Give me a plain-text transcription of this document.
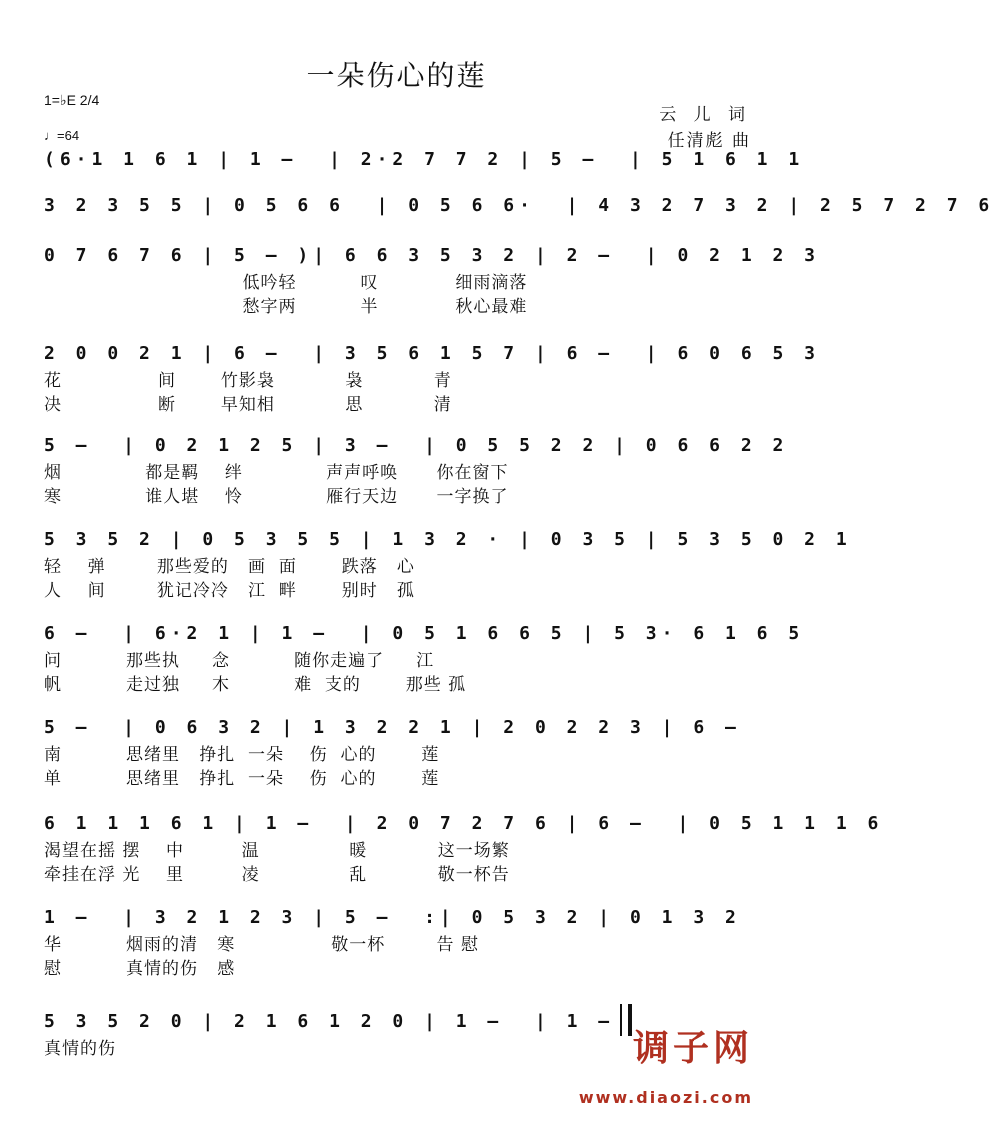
一朵伤心的莲
1=♭E 2/4
♩=64
云 儿 词
任清彪 曲
(6·1 1 6 1 | 1 –  | 2·2 7 7 2 | 5 –  | 5 1 6 1 1
3 2 3 5 5 | 0 5 6 6  | 0 5 6 6·  | 4 3 2 7 3 2 | 2 5 7 2 7 6
0 7 6 7 6 | 5 – )| 6 6 3 5 3 2 | 2 –  | 0 2 1 2 3
低吟轻          叹            细雨滴落
愁字两          半            秋心最难
2 0 0 2 1 | 6 –  | 3 5 6 1 5 7 | 6 –  | 6 0 6 5 3
花               间       竹影袅           袅           青
决               断       早知相           思           清
5 –  | 0 2 1 2 5 | 3 –  | 0 5 5 2 2 | 0 6 6 2 2
烟             都是羁    绊             声声呼唤      你在窗下
寒             谁人堪    怜             雁行天边      一字换了
5 3 5 2 | 0 5 3 5 5 | 1 3 2 · | 0 3 5 | 5 3 5 0 2 1
轻    弹        那些爱的   画  面       跌落   心
人    间        犹记冷冷   江  畔       别时   孤
6 –  | 6·2 1 | 1 –  | 0 5 1 6 6 5 | 5 3· 6 1 6 5
问          那些执     念          随你走遍了     江
帆          走过独     木          难  支的       那些 孤
5 –  | 0 6 3 2 | 1 3 2 2 1 | 2 0 2 2 3 | 6 –
南          思绪里   挣扎  一朵    伤  心的       莲
单          思绪里   挣扎  一朵    伤  心的       莲
6 1 1 1 6 1 | 1 –  | 2 0 7 2 7 6 | 6 –  | 0 5 1 1 1 6
渴望在摇 摆    中         温              暖           这一场繁
牵挂在浮 光    里         凌              乱           敬一杯告
1 –  | 3 2 1 2 3 | 5 –  :| 0 5 3 2 | 0 1 3 2
华          烟雨的清   寒               敬一杯        告 慰
慰          真情的伤   感
5 3 5 2 0 | 2 1 6 1 2 0 | 1 –  | 1 –
真情的伤	调子网
www.diaozi.com
